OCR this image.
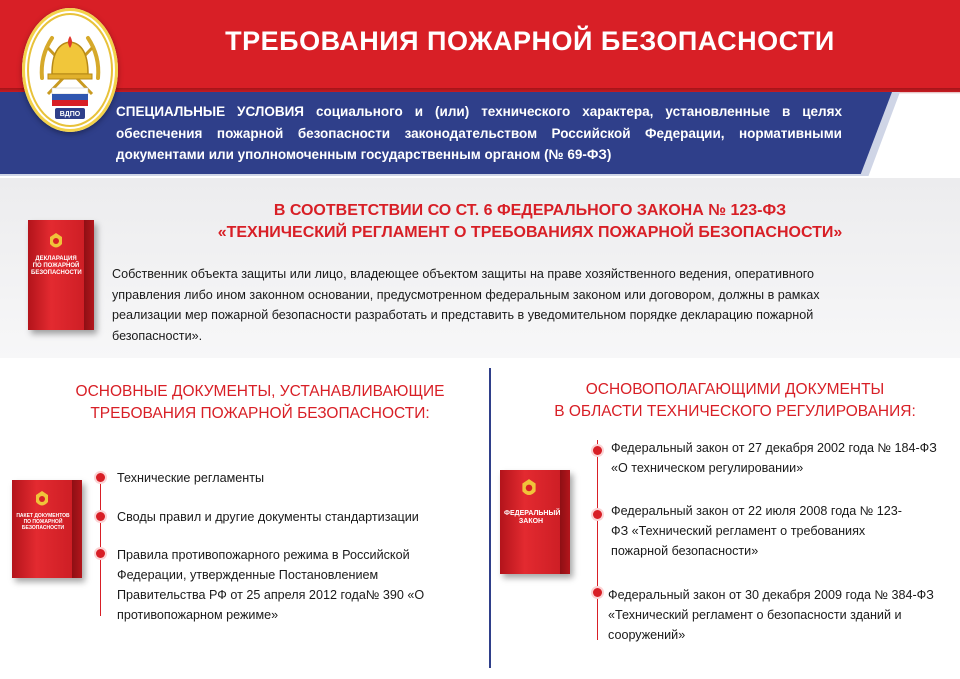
ТРЕБОВАНИЯ ПОЖАРНОЙ БЕЗОПАСНОСТИ

СПЕЦИАЛЬНЫЕ УСЛОВИЯ социального и (или) технического характера, установленные в целях обеспечения пожарной безопасности законодательством Российской Федерации, нормативными документами или уполномоченным государственным органом (№ 69-ФЗ)

ВДПО
В СООТВЕТСТВИИ СО СТ. 6 ФЕДЕРАЛЬНОГО ЗАКОНА № 123-ФЗ
«ТЕХНИЧЕСКИЙ РЕГЛАМЕНТ О ТРЕБОВАНИЯХ ПОЖАРНОЙ БЕЗОПАСНОСТИ»

Собственник объекта защиты или лицо, владеющее объектом защиты на праве хозяйственного ведения, оперативного управления либо ином законном основании, предусмотренном федеральным законом или договором, должны в рамках реализации мер пожарной безопасности разработать и представить в уведомительном порядке декларацию пожарной безопасности».

ДЕКЛАРАЦИЯ ПО ПОЖАРНОЙ БЕЗОПАСНОСТИ
ОСНОВНЫЕ ДОКУМЕНТЫ, УСТАНАВЛИВАЮЩИЕ
ТРЕБОВАНИЯ ПОЖАРНОЙ БЕЗОПАСНОСТИ:
ПАКЕТ ДОКУМЕНТОВ ПО ПОЖАРНОЙ БЕЗОПАСНОСТИ

Технические регламенты

Своды правил и другие документы стандартизации

Правила противопожарного режима в Российской Федерации, утвержденные Постановлением Правительства РФ от 25 апреля 2012 года№ 390 «О противопожарном режиме»

ОСНОВОПОЛАГАЮЩИМИ ДОКУМЕНТЫ
В ОБЛАСТИ ТЕХНИЧЕСКОГО РЕГУЛИРОВАНИЯ:
ФЕДЕРАЛЬНЫЙ ЗАКОН

Федеральный закон от 27 декабря 2002 года № 184-ФЗ «О техническом регулировании»

Федеральный закон от 22 июля 2008 года № 123-ФЗ «Технический регламент о требованиях пожарной безопасности»

Федеральный закон от 30 декабря 2009 года № 384-ФЗ «Технический регламент о безопасности зданий и сооружений»
